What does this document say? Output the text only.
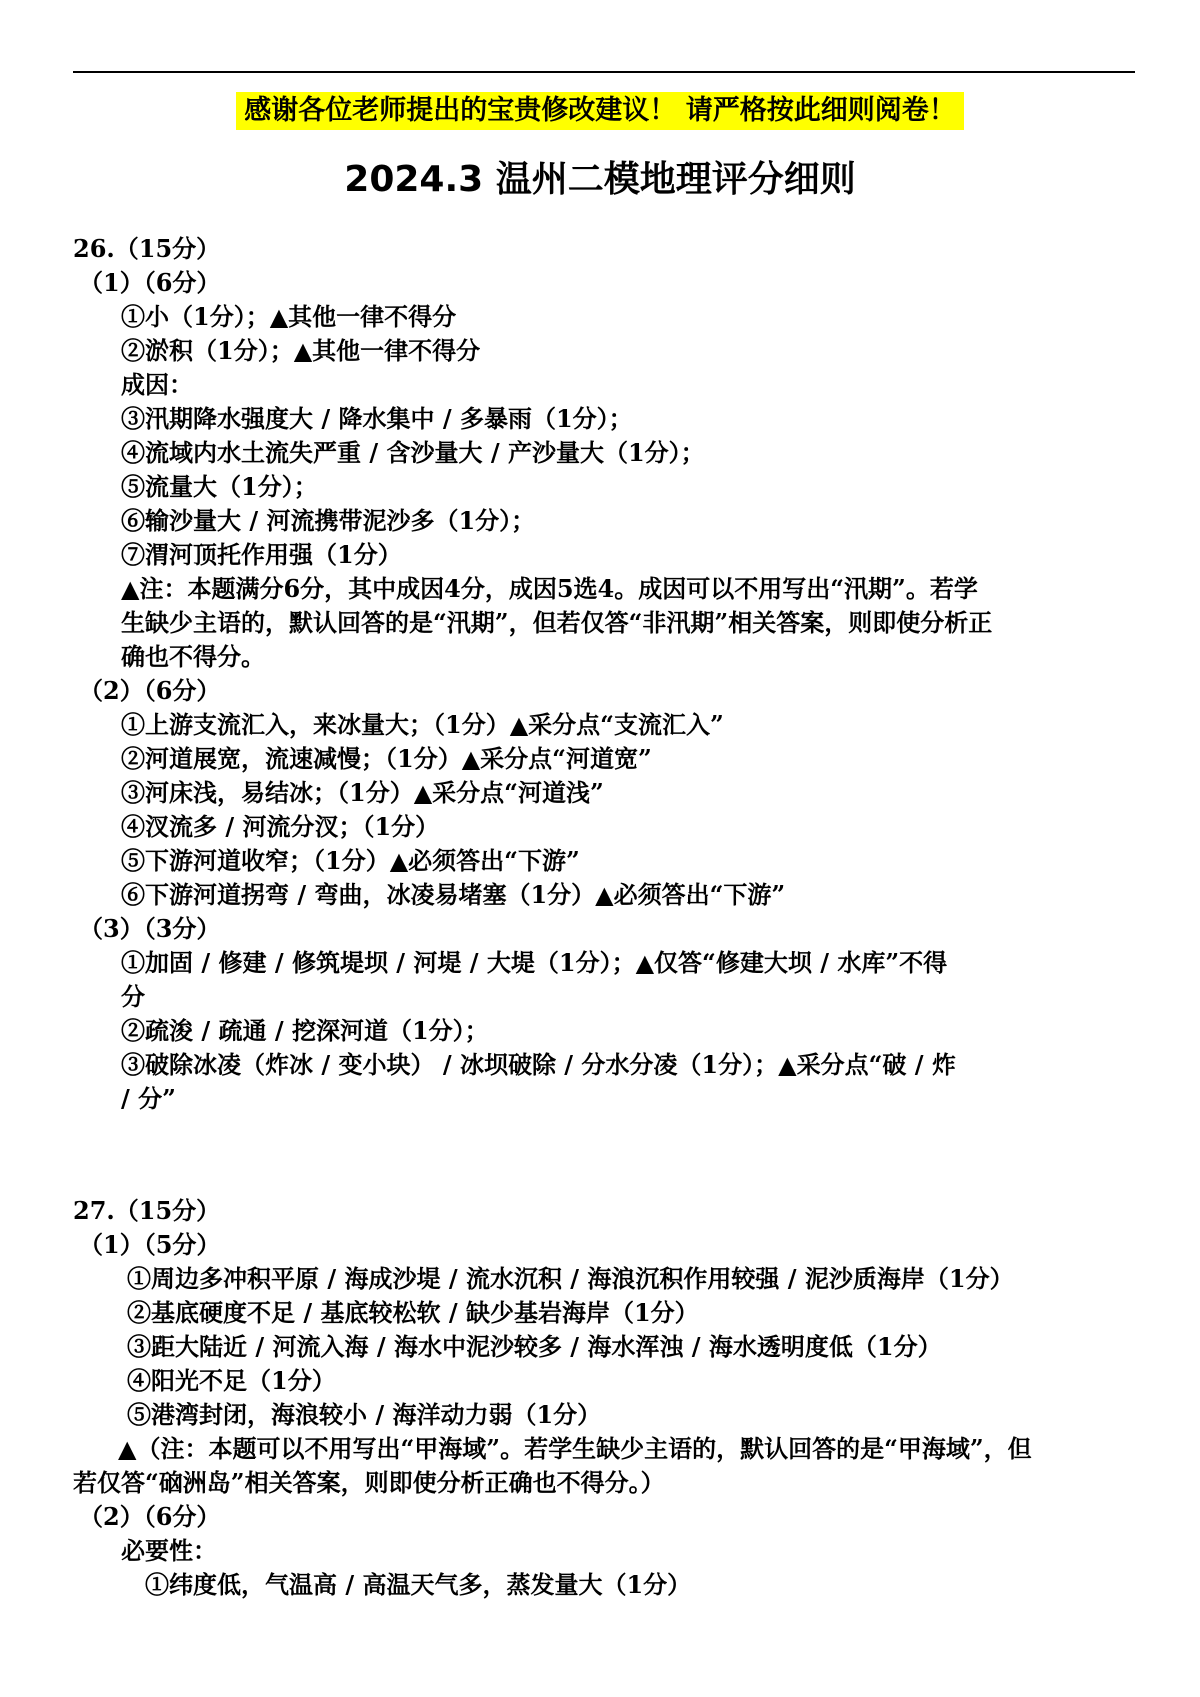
感谢各位老师提出的宝贵修改建议！ 请严格按此细则阅卷！
2024.3 温州二模地理评分细则
26.（15分）
（1）（6分）
①小（1分）；▲其他一律不得分
②淤积（1分）；▲其他一律不得分
成因：
③汛期降水强度大 / 降水集中 / 多暴雨（1分）；
④流域内水土流失严重 / 含沙量大 / 产沙量大（1分）；
⑤流量大（1分）；
⑥输沙量大 / 河流携带泥沙多（1分）；
⑦渭河顶托作用强（1分）
▲注：本题满分6分，其中成因4分，成因5选4。成因可以不用写出“汛期”。若学
生缺少主语的，默认回答的是“汛期”，但若仅答“非汛期”相关答案，则即使分析正
确也不得分。
（2）（6分）
①上游支流汇入，来冰量大；（1分）▲采分点“支流汇入”
②河道展宽，流速减慢；（1分）▲采分点“河道宽”
③河床浅，易结冰；（1分）▲采分点“河道浅”
④汊流多 / 河流分汊；（1分）
⑤下游河道收窄；（1分）▲必须答出“下游”
⑥下游河道拐弯 / 弯曲，冰凌易堵塞（1分）▲必须答出“下游”
（3）（3分）
①加固 / 修建 / 修筑堤坝 / 河堤 / 大堤（1分）；▲仅答“修建大坝 / 水库”不得
分
②疏浚 / 疏通 / 挖深河道（1分）；
③破除冰凌（炸冰 / 变小块） / 冰坝破除 / 分水分凌（1分）；▲采分点“破 / 炸
/ 分”
27.（15分）
（1）（5分）
①周边多冲积平原 / 海成沙堤 / 流水沉积 / 海浪沉积作用较强 / 泥沙质海岸（1分）
②基底硬度不足 / 基底较松软 / 缺少基岩海岸（1分）
③距大陆近 / 河流入海 / 海水中泥沙较多 / 海水浑浊 / 海水透明度低（1分）
④阳光不足（1分）
⑤港湾封闭，海浪较小 / 海洋动力弱（1分）
▲（注：本题可以不用写出“甲海域”。若学生缺少主语的，默认回答的是“甲海域”，但
若仅答“硇洲岛”相关答案，则即使分析正确也不得分。）
（2）（6分）
必要性：
①纬度低，气温高 / 高温天气多，蒸发量大（1分）
